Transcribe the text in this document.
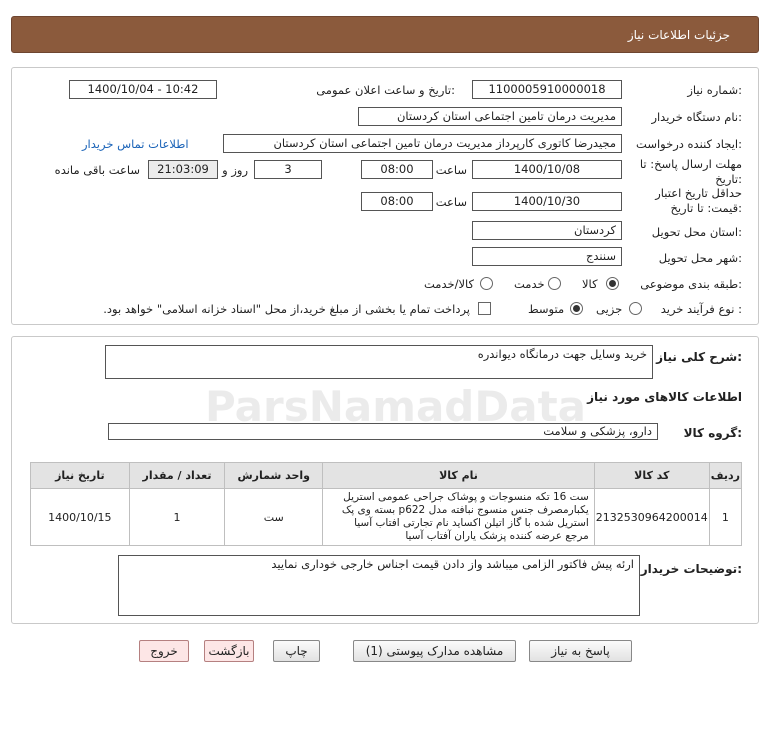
جزئیات اطلاعات نیاز
شماره نیاز:
1100005910000018
تاریخ و ساعت اعلان عمومی:
1400/10/04 - 10:42
نام دستگاه خریدار:
مدیریت درمان تامین اجتماعی استان کردستان
ایجاد کننده درخواست:
مجیدرضا کاتوری کارپرداز مدیریت درمان تامین اجتماعی استان کردستان
اطلاعات تماس خریدار
مهلت ارسال پاسخ: تا
تاریخ:
1400/10/08
ساعت
08:00
3
روز و
21:03:09
ساعت باقی مانده
حداقل تاریخ اعتبار
قیمت: تا تاریخ:
1400/10/30
ساعت
08:00
استان محل تحویل:
کردستان
شهر محل تحویل:
سنندج
طبقه بندی موضوعی:
کالا
خدمت
کالا/خدمت
نوع فرآیند خرید :
جزیی
متوسط
پرداخت تمام یا بخشی از مبلغ خرید،از محل "اسناد خزانه اسلامی" خواهد بود.
شرح کلی نیاز:
خرید وسایل جهت درمانگاه دیواندره
اطلاعات کالاهای مورد نیاز
گروه کالا:
دارو، پزشکی و سلامت
ردیف	کد کالا	نام کالا	واحد شمارش	تعداد / مقدار	تاریخ نیاز
1	2132530964200014	ست 16 تکه منسوجات و پوشاک جراحی عمومی استریل یکبارمصرف جنس منسوج نبافته مدل p622 بسته وی پک استریل شده با گاز اتیلن اکساید نام تجارتی افتاب آسیا مرجع عرضه کننده پزشک یاران آفتاب آسیا	ست	1	1400/10/15
توضیحات خریدار:
ارئه پیش فاکتور الزامی میباشد واز دادن قیمت اجناس خارجی خوداری نمایید
پاسخ به نیاز
مشاهده مدارک پیوستی (1)
چاپ
بازگشت
خروج
